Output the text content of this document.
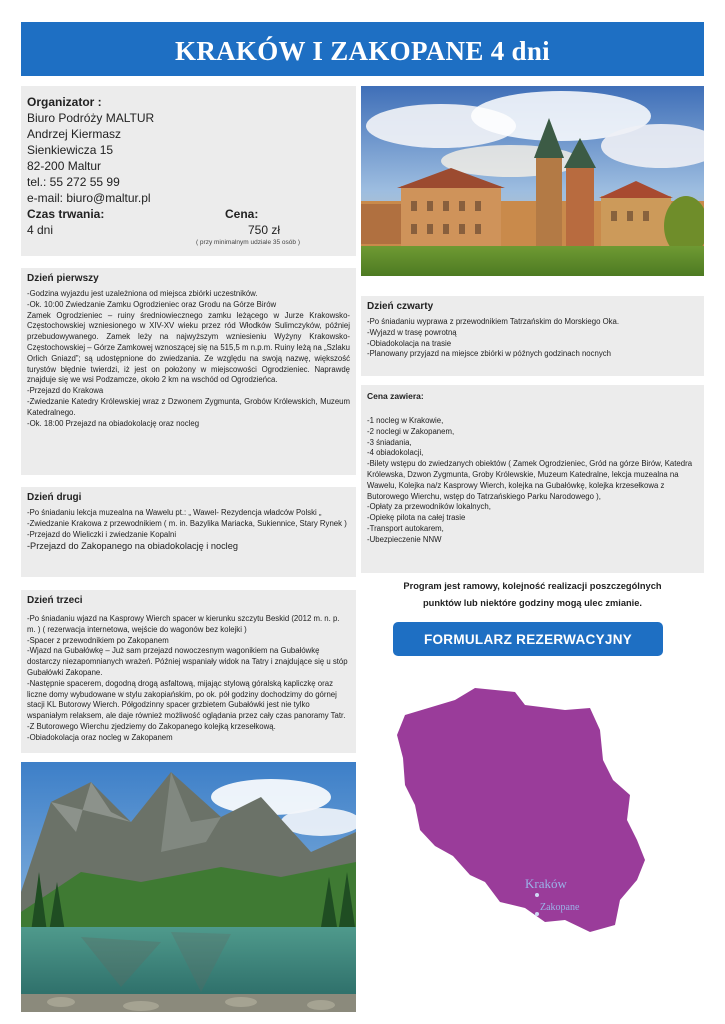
KRAKÓW I ZAKOPANE 4 dni
Organizator :
Biuro Podróży MALTUR
Andrzej Kiermasz
Sienkiewicza 15
82-200 Maltur
tel.: 55 272 55 99
e-mail: biuro@maltur.pl
Czas trwania:	Cena:
4 dni	750 zł
( przy minimalnym udziale 35 osób )
Dzień pierwszy

-Godzina wyjazdu jest uzależniona od miejsca zbiórki uczestników.

-Ok. 10:00 Zwiedzanie Zamku Ogrodzieniec oraz Grodu na Górze Birów

Zamek Ogrodzieniec – ruiny średniowiecznego zamku leżącego w Jurze Krakowsko-Częstochowskiej wzniesionego w XIV-XV wieku przez ród Włodków Sulimczyków, później przebudowywanego. Zamek leży na najwyższym wzniesieniu Wyżyny Krakowsko-Częstochowskiej – Górze Zamkowej wznoszącej się na 515,5 m n.p.m. Ruiny leżą na „Szlaku Orlich Gniazd”; są udostępnione do zwiedzania. Ze względu na swoją nazwę, większość turystów błędnie twierdzi, iż jest on położony w miejscowości Ogrodzieniec. Naprawdę znajduje się we wsi Podzamcze, około 2 km na wschód od Ogrodzieńca.

-Przejazd do Krakowa

-Zwiedzanie Katedry Królewskiej wraz z Dzwonem Zygmunta, Grobów Królewskich, Muzeum Katedralnego.

-Ok. 18:00 Przejazd na obiadokolację oraz nocleg

Dzień drugi

-Po śniadaniu lekcja muzealna na Wawelu pt.: „ Wawel- Rezydencja władców Polski „

-Zwiedzanie Krakowa z przewodnikiem ( m. in. Bazylika Mariacka, Sukiennice, Stary Rynek )

-Przejazd do Wieliczki i zwiedzanie Kopalni

-Przejazd do Zakopanego na obiadokolację i nocleg

Dzień trzeci

-Po śniadaniu wjazd na Kasprowy Wierch spacer w kierunku szczytu Beskid (2012 m. n. p. m. ) ( rezerwacja internetowa, wejście do wagonów bez kolejki )

-Spacer z przewodnikiem po Zakopanem

-Wjazd na Gubałówkę – Już sam przejazd nowoczesnym wagonikiem na Gubałówkę dostarczy niezapomnianych wrażeń. Później wspaniały widok na Tatry i znajdujące się u stóp Gubałówki Zakopane.

-Następnie spacerem, dogodną drogą asfaltową, mijając stylową góralską kapliczkę oraz liczne domy wybudowane w stylu zakopiańskim, po ok. pół godziny dochodzimy do górnej stacji KL Butorowy Wierch. Półgodzinny spacer grzbietem Gubałówki jest nie tylko wspaniałym relaksem, ale daje również możliwość oglądania przez cały czas panoramy Tatr.

-Z Butorowego Wierchu zjedziemy do Zakopanego kolejką krzesełkową.

-Obiadokolacja oraz nocleg w Zakopanem

Dzień czwarty

-Po śniadaniu wyprawa z przewodnikiem Tatrzańskim do Morskiego Oka.

-Wyjazd w trasę powrotną

-Obiadokolacja na trasie

-Planowany przyjazd na miejsce zbiórki w późnych godzinach nocnych

Cena zawiera:

-1 nocleg w Krakowie,

-2 noclegi w Zakopanem,

-3 śniadania,

-4 obiadokolacji,

-Bilety wstępu do zwiedzanych obiektów ( Zamek Ogrodzieniec, Gród na górze Birów, Katedra Królewska, Dzwon Zygmunta, Groby Królewskie, Muzeum Katedralne, lekcja muzealna na Wawelu, Kolejka na/z Kasprowy Wierch, kolejka na Gubałówkę, kolejka krzesełkowa z Butorowego Wierchu, wstęp do Tatrzańskiego Parku Narodowego ),

-Opłaty za przewodników lokalnych,

-Opiekę pilota na całej trasie

-Transport autokarem,

-Ubezpieczenie NNW

Program jest ramowy, kolejność realizacji poszczególnych
punktów lub niektóre godziny mogą ulec zmianie.
FORMULARZ REZERWACYJNY
Kraków
Zakopane
